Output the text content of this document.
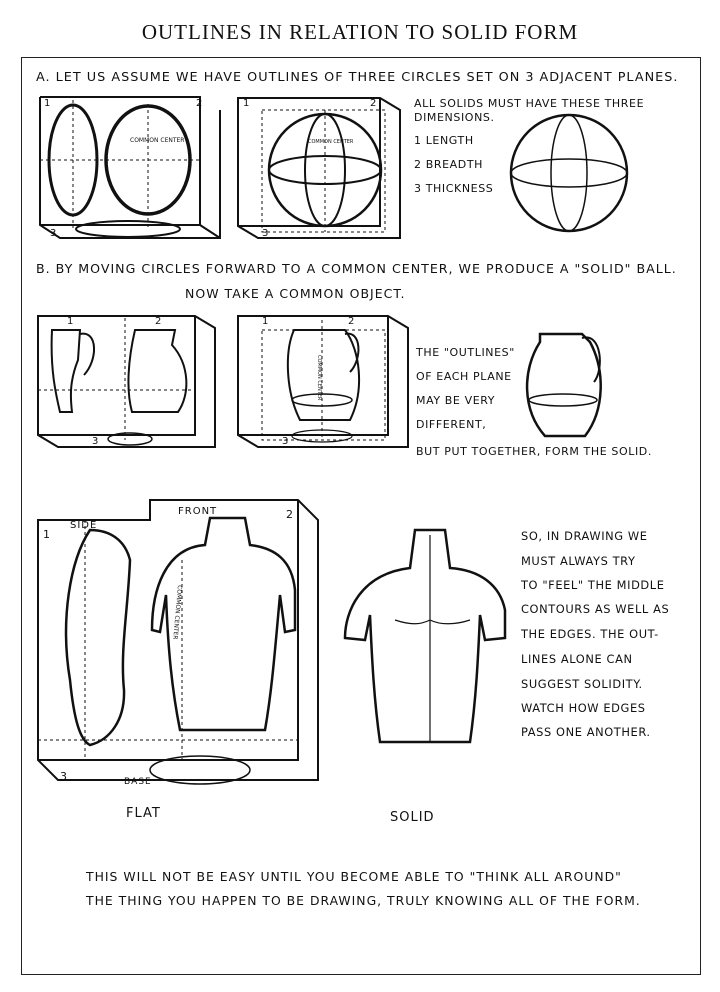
OUTLINES IN RELATION TO SOLID FORM
A. LET US ASSUME WE HAVE OUTLINES OF THREE CIRCLES SET ON 3 ADJACENT PLANES.
ALL SOLIDS MUST HAVE THESE THREE
DIMENSIONS.
1 LENGTH
2 BREADTH
3 THICKNESS
B. BY MOVING CIRCLES FORWARD TO A COMMON CENTER, WE PRODUCE A "SOLID" BALL.
NOW TAKE A COMMON OBJECT.
THE "OUTLINES"
OF EACH PLANE
MAY BE VERY
DIFFERENT,
BUT PUT TOGETHER, FORM THE SOLID.
SO, IN DRAWING WE
MUST ALWAYS TRY
TO "FEEL" THE MIDDLE
CONTOURS AS WELL AS
THE EDGES. THE OUT-
LINES ALONE CAN
SUGGEST SOLIDITY.
WATCH HOW EDGES
PASS ONE ANOTHER.
FLAT	SOLID
THIS WILL NOT BE EASY UNTIL YOU BECOME ABLE TO "THINK ALL AROUND"
THE THING YOU HAPPEN TO BE DRAWING, TRULY KNOWING ALL OF THE FORM.
1	2
3
COMMON CENTER
1	2
3
COMMON CENTER
1	2
3
1	2
3
COMMON CENTER
1
2
3
SIDE
FRONT
BASE
COMMON CENTER
